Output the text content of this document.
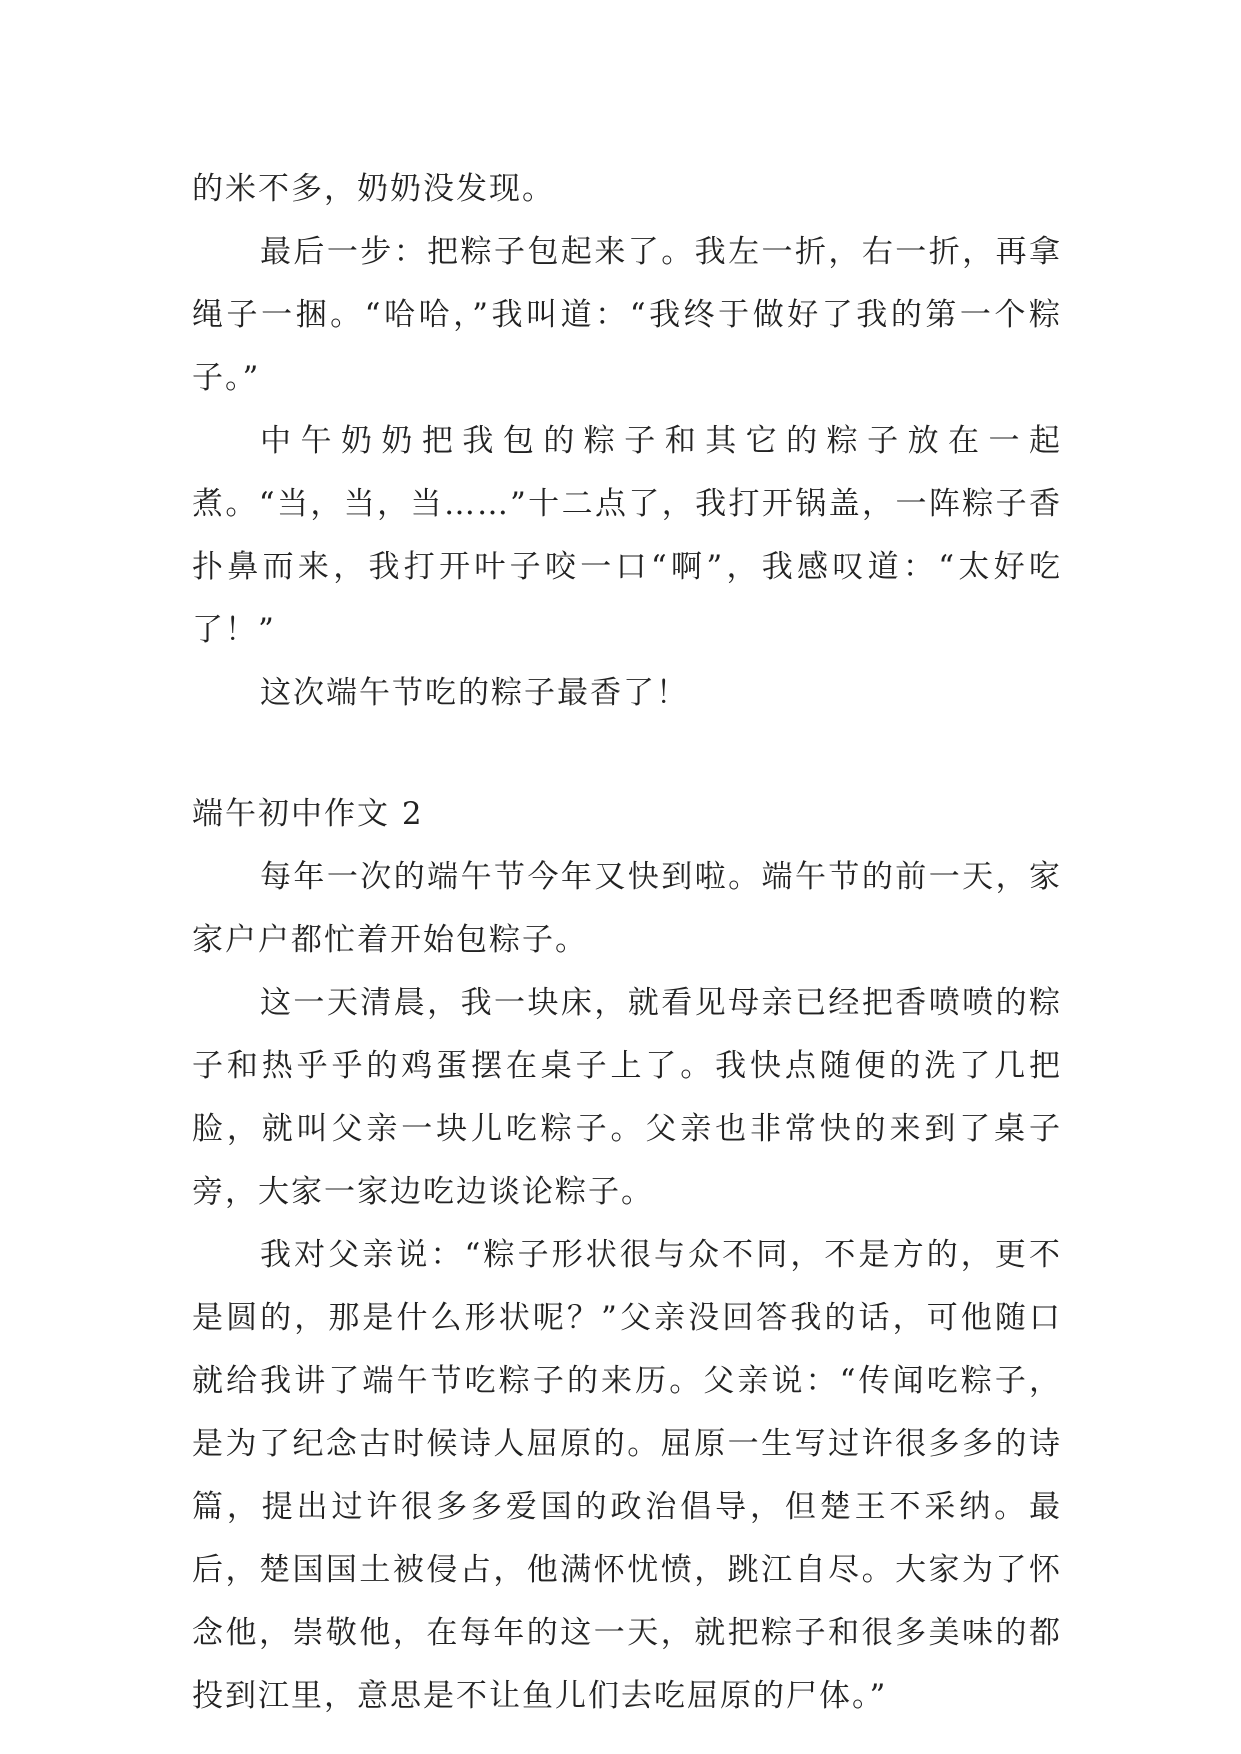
的米不多，奶奶没发现。

最后一步：把粽子包起来了。我左一折，右一折，再拿绳子一捆。“哈哈，”我叫道：“我终于做好了我的第一个粽子。”

中午奶奶把我包的粽子和其它的粽子放在一起煮。“当，当，当……”十二点了，我打开锅盖，一阵粽子香扑鼻而来，我打开叶子咬一口“啊”，我感叹道：“太好吃了！”

这次端午节吃的粽子最香了！

端午初中作文 2

每年一次的端午节今年又快到啦。端午节的前一天，家家户户都忙着开始包粽子。

这一天清晨，我一块床，就看见母亲已经把香喷喷的粽子和热乎乎的鸡蛋摆在桌子上了。我快点随便的洗了几把脸，就叫父亲一块儿吃粽子。父亲也非常快的来到了桌子旁，大家一家边吃边谈论粽子。

我对父亲说：“粽子形状很与众不同，不是方的，更不是圆的，那是什么形状呢？”父亲没回答我的话，可他随口就给我讲了端午节吃粽子的来历。父亲说：“传闻吃粽子，是为了纪念古时候诗人屈原的。屈原一生写过许很多多的诗篇，提出过许很多多爱国的政治倡导，但楚王不采纳。最后，楚国国土被侵占，他满怀忧愤，跳江自尽。大家为了怀念他，崇敬他，在每年的这一天，就把粽子和很多美味的都投到江里，意思是不让鱼儿们去吃屈原的尸体。”
